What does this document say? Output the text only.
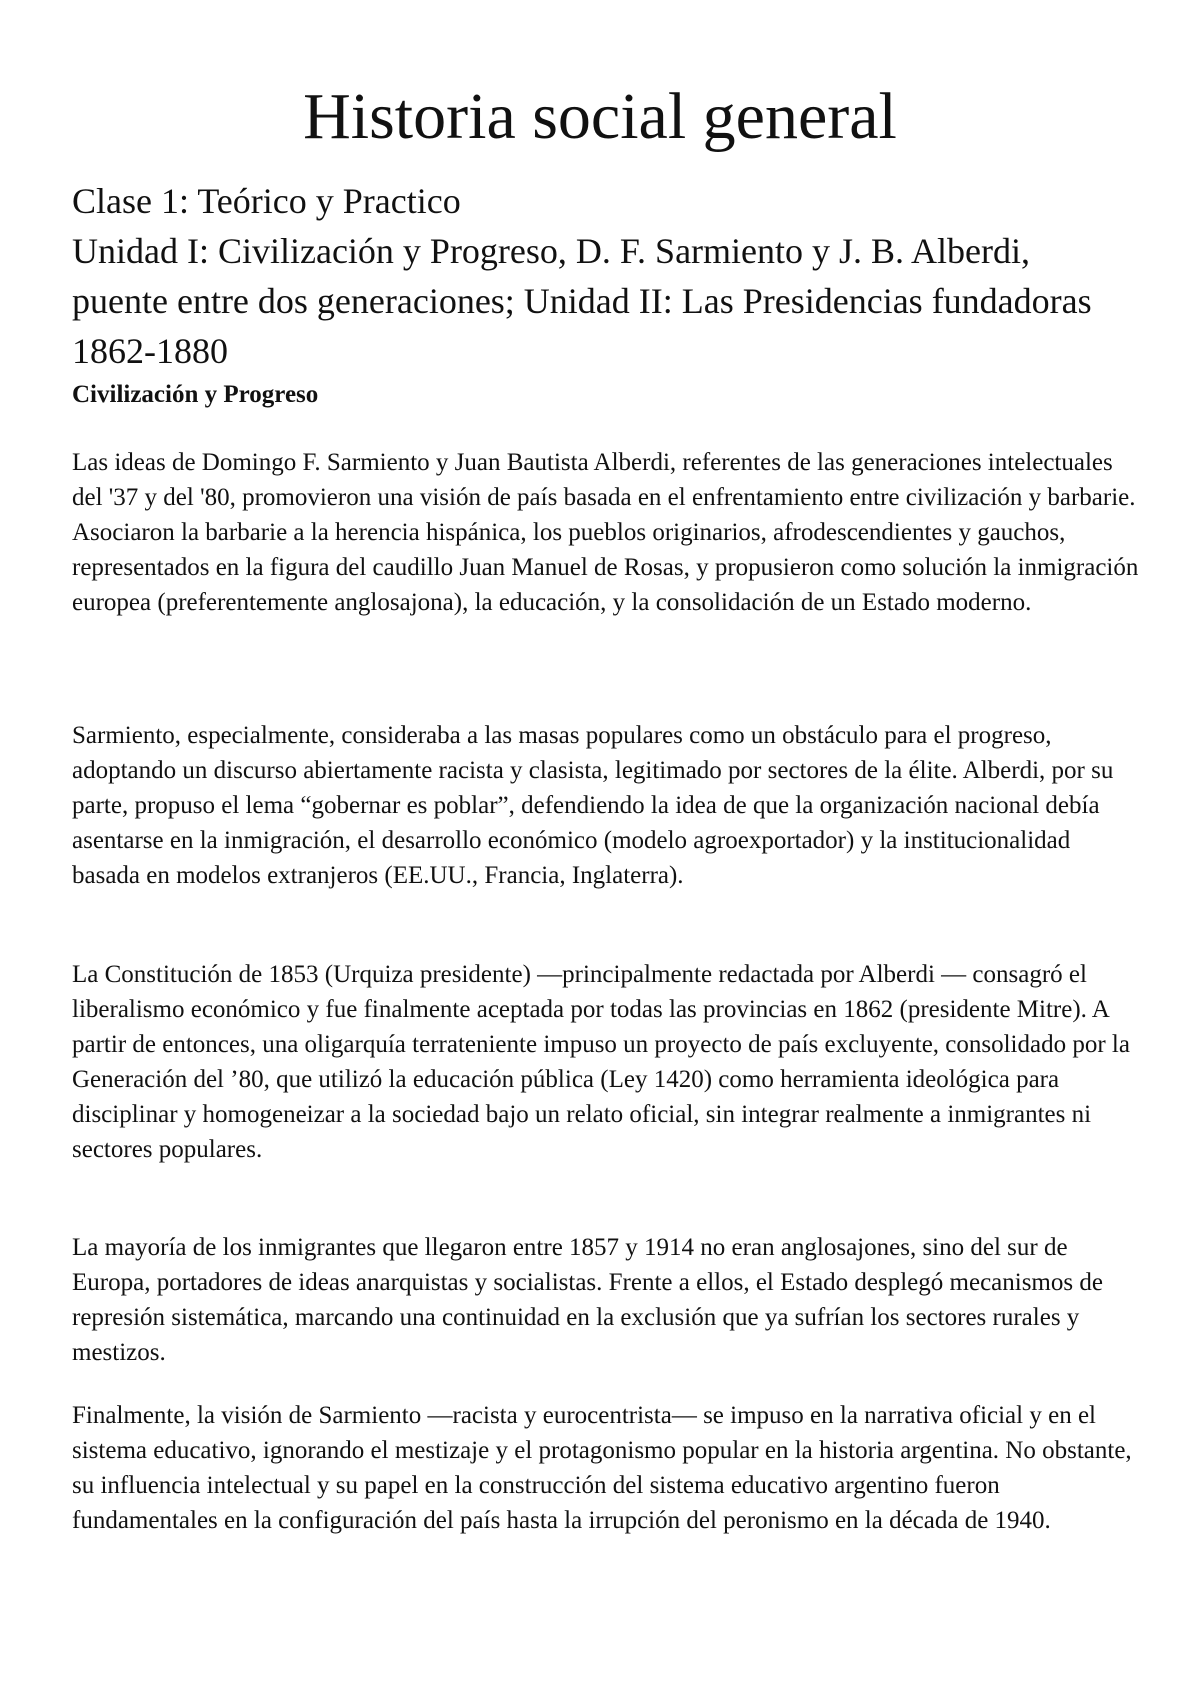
Historia social general

Clase 1: Teórico y Practico

Unidad I: Civilización y Progreso, D. F. Sarmiento y J. B. Alberdi, puente entre dos generaciones; Unidad II: Las Presidencias fundadoras 1862-1880

Civilización y Progreso

Las ideas de Domingo F. Sarmiento y Juan Bautista Alberdi, referentes de las generaciones intelectuales del '37 y del '80, promovieron una visión de país basada en el enfrentamiento entre civilización y barbarie. Asociaron la barbarie a la herencia hispánica, los pueblos originarios, afrodescendientes y gauchos, representados en la figura del caudillo Juan Manuel de Rosas, y propusieron como solución la inmigración europea (preferentemente anglosajona), la educación, y la consolidación de un Estado moderno.

Sarmiento, especialmente, consideraba a las masas populares como un obstáculo para el progreso, adoptando un discurso abiertamente racista y clasista, legitimado por sectores de la élite. Alberdi, por su parte, propuso el lema “gobernar es poblar”, defendiendo la idea de que la organización nacional debía asentarse en la inmigración, el desarrollo económico (modelo agroexportador) y la institucionalidad basada en modelos extranjeros (EE.UU., Francia, Inglaterra).

La Constitución de 1853 (Urquiza presidente) —principalmente redactada por Alberdi — consagró el liberalismo económico y fue finalmente aceptada por todas las provincias en 1862 (presidente Mitre). A partir de entonces, una oligarquía terrateniente impuso un proyecto de país excluyente, consolidado por la Generación del ’80, que utilizó la educación pública (Ley 1420) como herramienta ideológica para disciplinar y homogeneizar a la sociedad bajo un relato oficial, sin integrar realmente a inmigrantes ni sectores populares.

La mayoría de los inmigrantes que llegaron entre 1857 y 1914 no eran anglosajones, sino del sur de Europa, portadores de ideas anarquistas y socialistas. Frente a ellos, el Estado desplegó mecanismos de represión sistemática, marcando una continuidad en la exclusión que ya sufrían los sectores rurales y mestizos.

Finalmente, la visión de Sarmiento —racista y eurocentrista— se impuso en la narrativa oficial y en el sistema educativo, ignorando el mestizaje y el protagonismo popular en la historia argentina. No obstante, su influencia intelectual y su papel en la construcción del sistema educativo argentino fueron fundamentales en la configuración del país hasta la irrupción del peronismo en la década de 1940.
